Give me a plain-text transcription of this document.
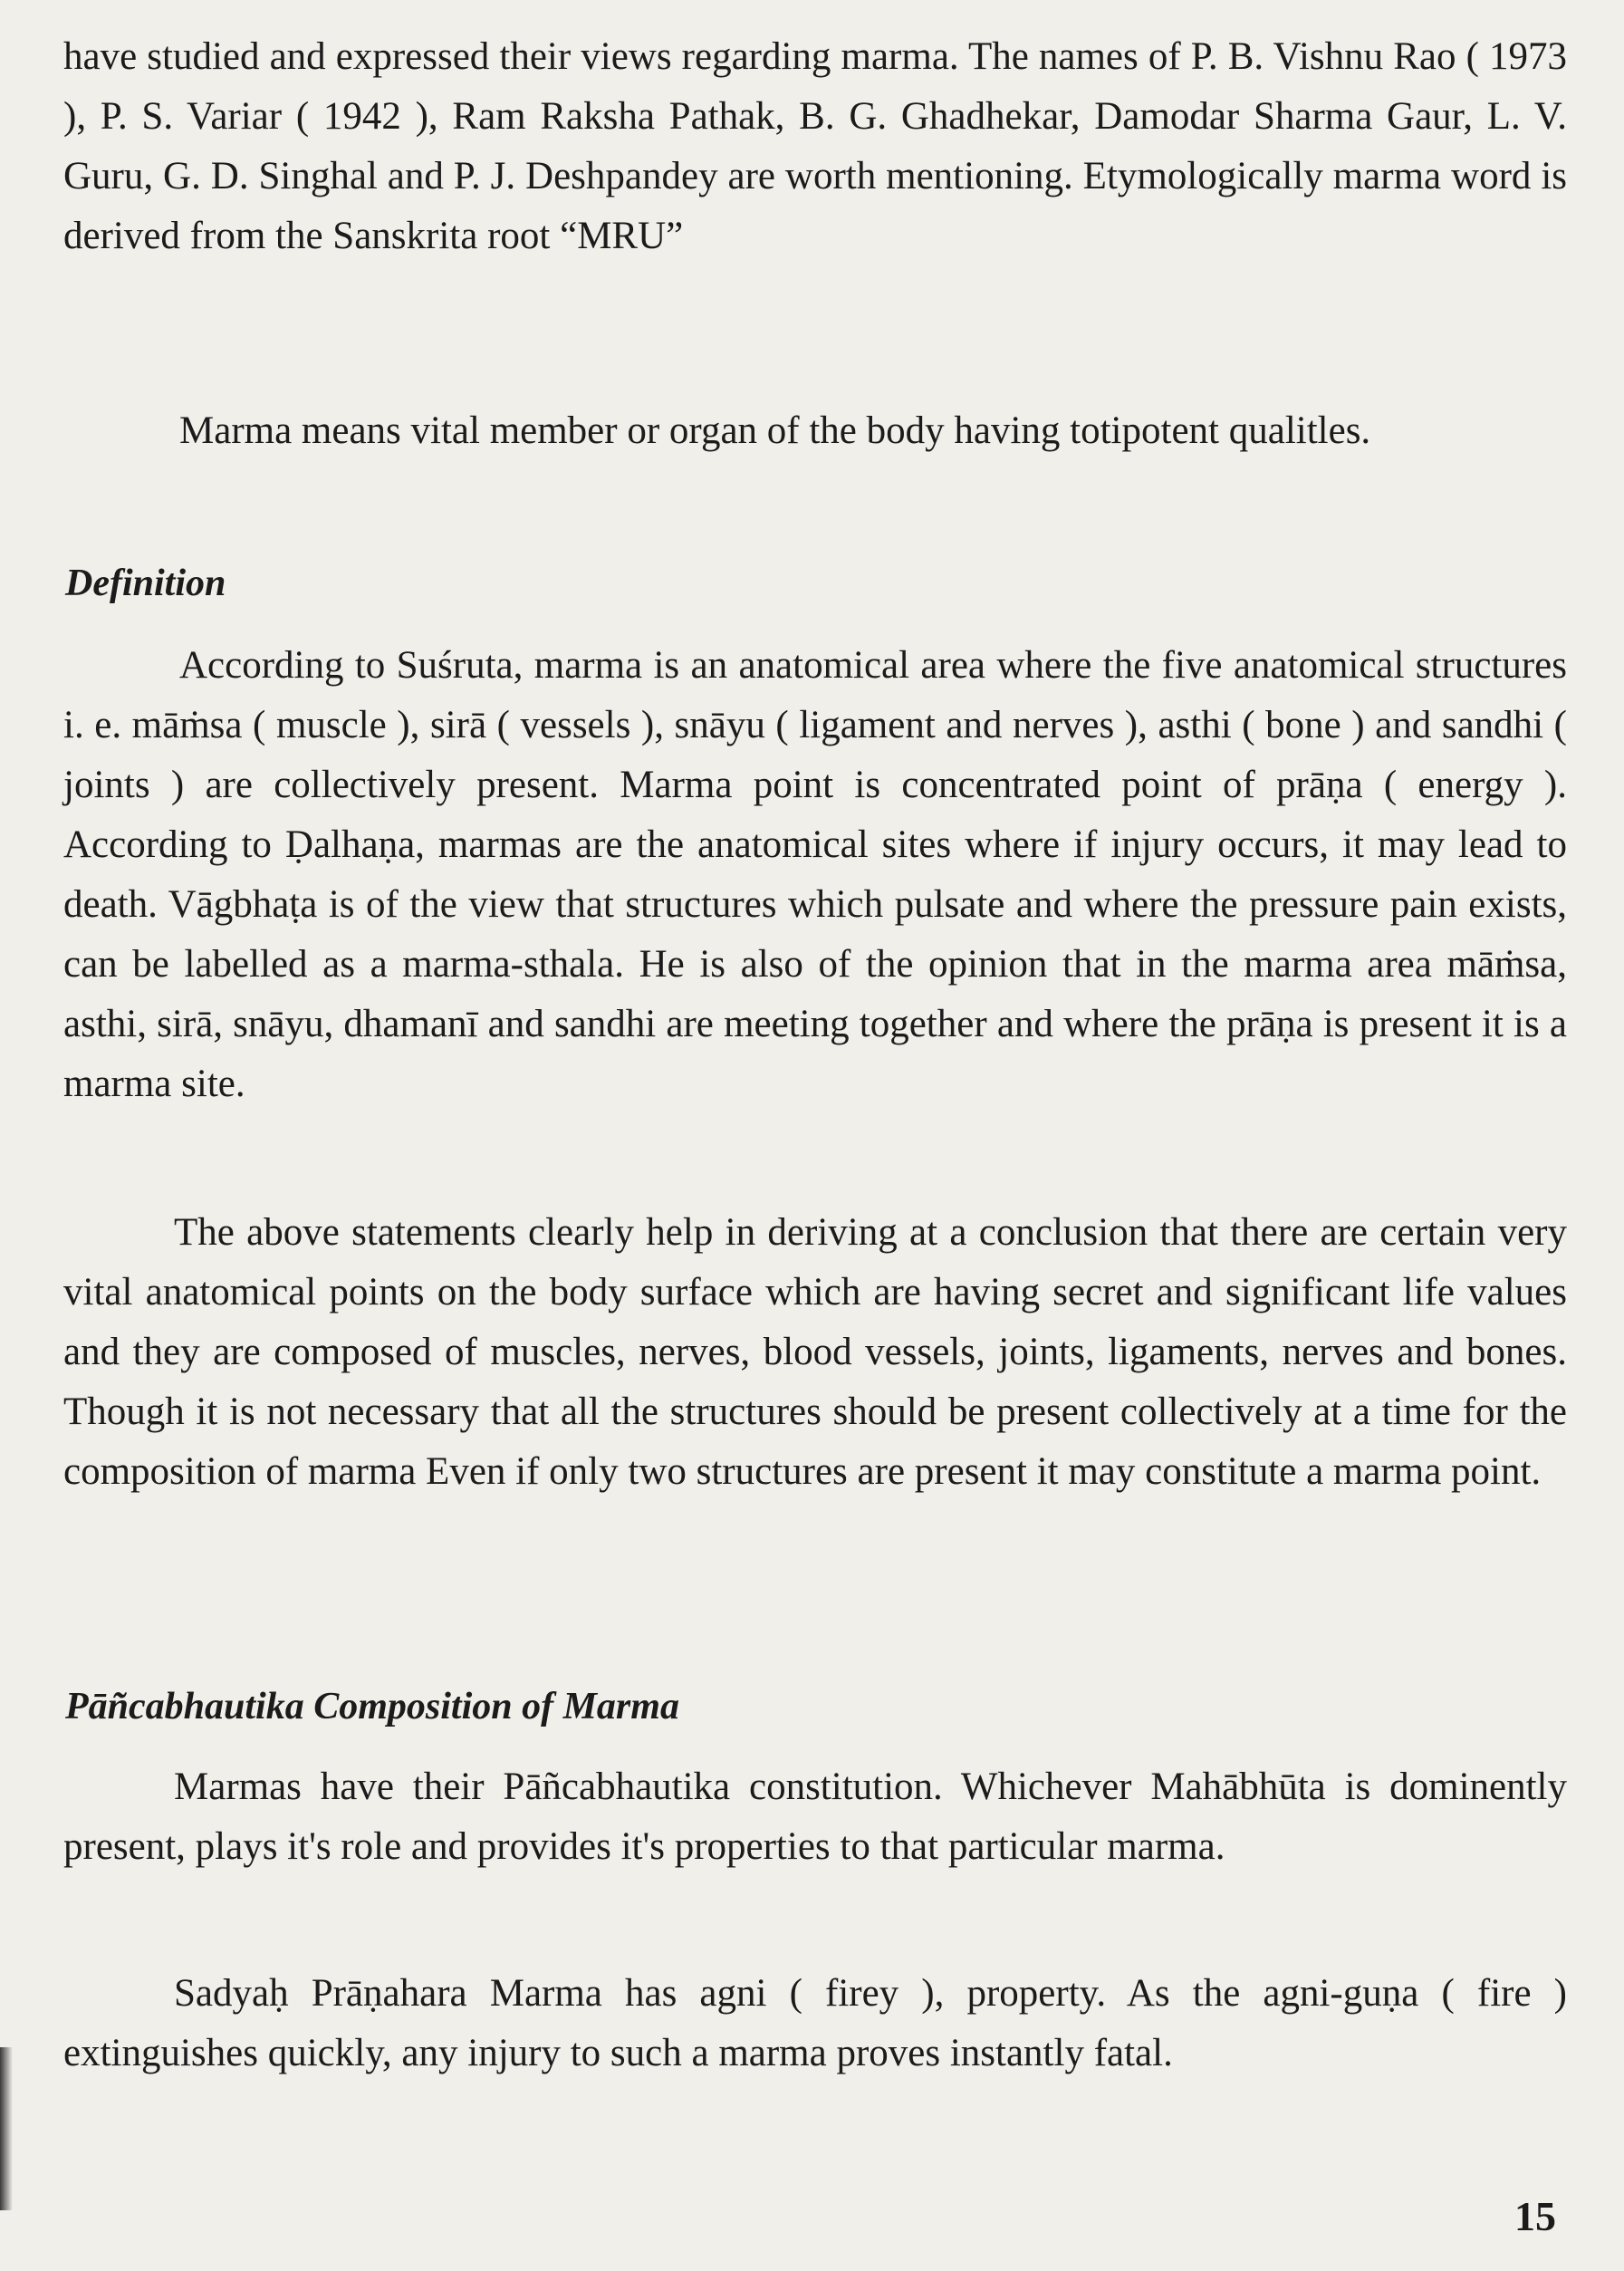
have studied and expressed their views regarding marma. The names of P. B. Vishnu Rao ( 1973 ), P. S. Variar ( 1942 ), Ram Raksha Pathak, B. G. Ghadhekar, Damodar Sharma Gaur, L. V. Guru, G. D. Singhal and P. J. Deshpandey are worth mentioning. Etymologically marma word is derived from the Sanskrita root “MRU”

Marma means vital member or organ of the body having totipotent qualitles.

Definition

According to Suśruta, marma is an anatomical area where the five anatomical structures i. e. māṁsa ( muscle ), sirā ( vessels ), snāyu ( ligament and nerves ), asthi ( bone ) and sandhi ( joints ) are collectively present. Marma point is concentrated point of prāṇa ( energy ). According to Ḍalhaṇa, marmas are the anatomical sites where if injury occurs, it may lead to death. Vāgbhaṭa is of the view that structures which pulsate and where the pressure pain exists, can be labelled as a marma-sthala. He is also of the opinion that in the marma area māṁsa, asthi, sirā, snāyu, dhamanī and sandhi are meeting together and where the prāṇa is present it is a marma site.

The above statements clearly help in deriving at a conclusion that there are certain very vital anatomical points on the body surface which are having secret and significant life values and they are composed of muscles, nerves, blood vessels, joints, ligaments, nerves and bones. Though it is not necessary that all the structures should be present collectively at a time for the composition of marma Even if only two structures are present it may constitute a marma point.

Pāñcabhautika Composition of Marma

Marmas have their Pāñcabhautika constitution. Whichever Mahābhūta is dominently present, plays it's role and provides it's properties to that particular marma.

Sadyaḥ Prāṇahara Marma has agni ( firey ), property. As the agni-guṇa ( fire ) extinguishes quickly, any injury to such a marma proves instantly fatal.

15
